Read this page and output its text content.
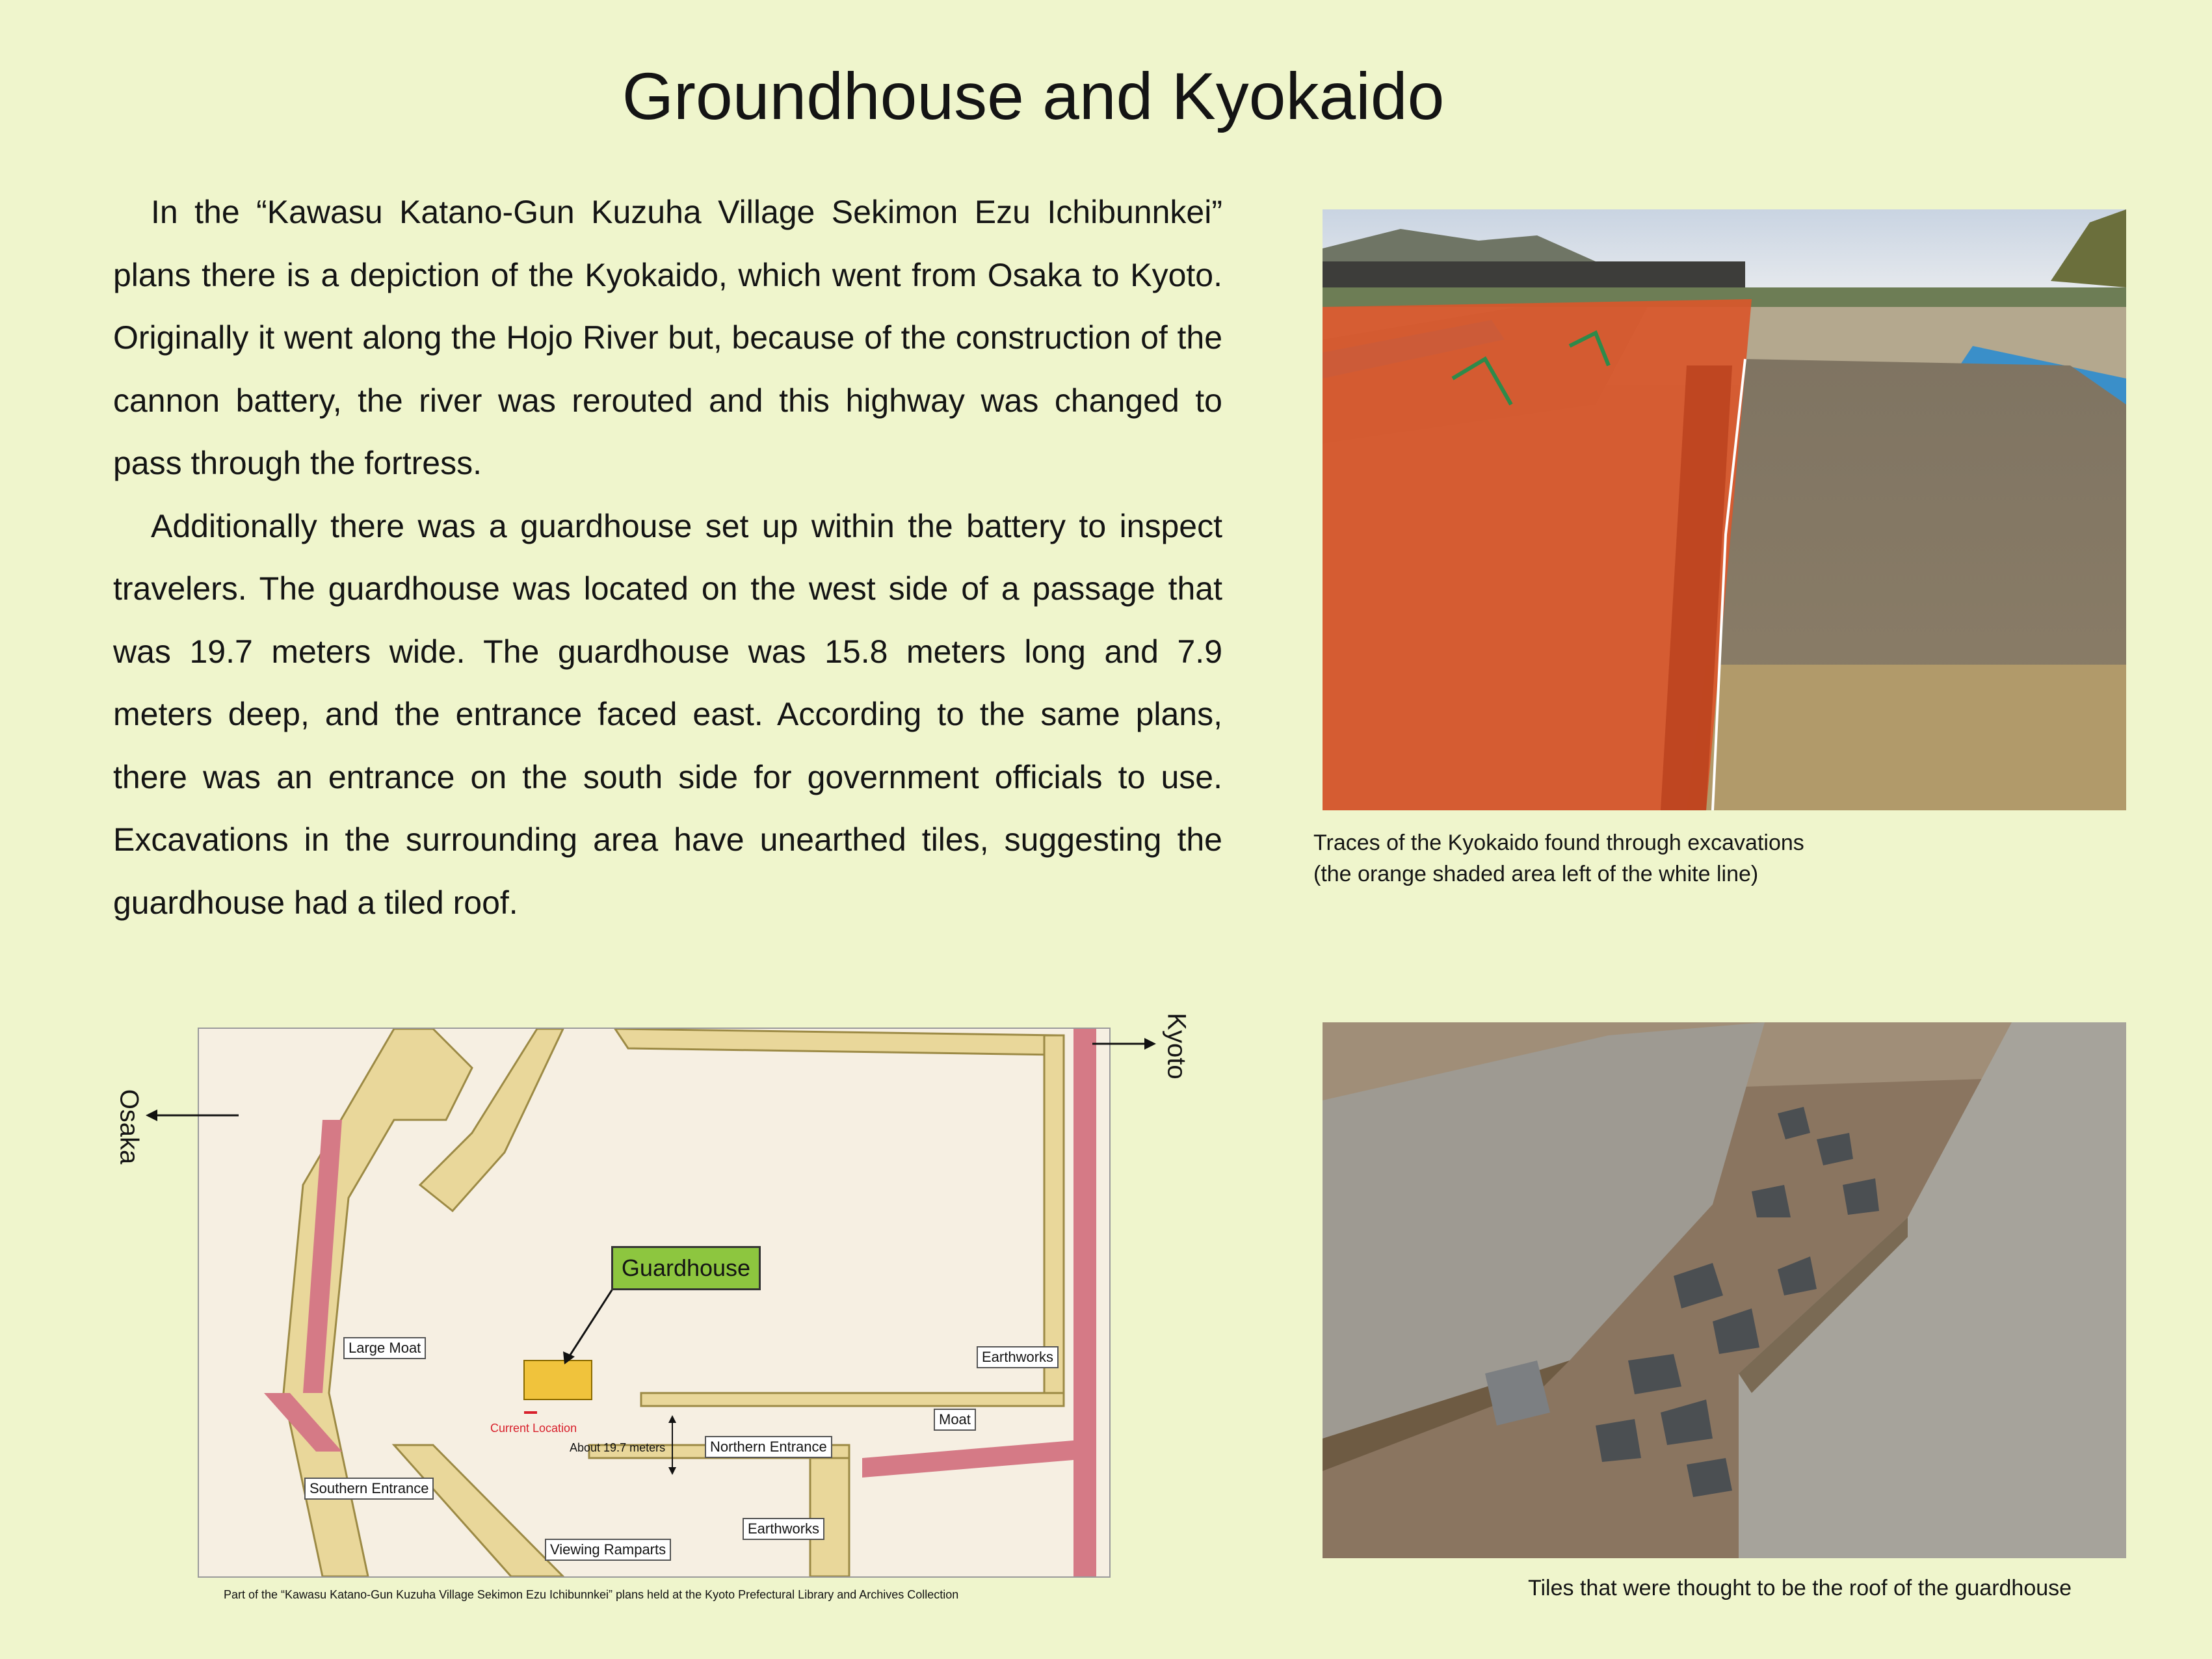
Groundhouse and Kyokaido

In the “Kawasu Katano-Gun Kuzuha Village Sekimon Ezu Ichibunnkei” plans there is a depiction of the Kyokaido, which went from Osaka to Kyoto. Originally it went along the Hojo River but, because of the construction of the cannon battery, the river was rerouted and this highway was changed to pass through the fortress.

Additionally there was a guardhouse set up within the battery to inspect travelers. The guardhouse was located on the west side of a passage that was 19.7 meters wide. The guardhouse was 15.8 meters long and 7.9 meters deep, and the entrance faced east. According to the same plans, there was an entrance on the south side for government officials to use. Excavations in the surrounding area have unearthed tiles, suggesting the guardhouse had a tiled roof.

Traces of the Kyokaido found through excavations
(the orange shaded area left of the white line)
Tiles that were thought to be the roof of the guardhouse
Guardhouse
Large Moat
Southern Entrance
Viewing Ramparts
Earthworks
Earthworks
Moat
Northern Entrance
Current Location
About 19.7 meters
Osaka
Kyoto
Part of the “Kawasu Katano-Gun Kuzuha Village Sekimon Ezu Ichibunnkei” plans held at the Kyoto Prefectural Library and Archives Collection
